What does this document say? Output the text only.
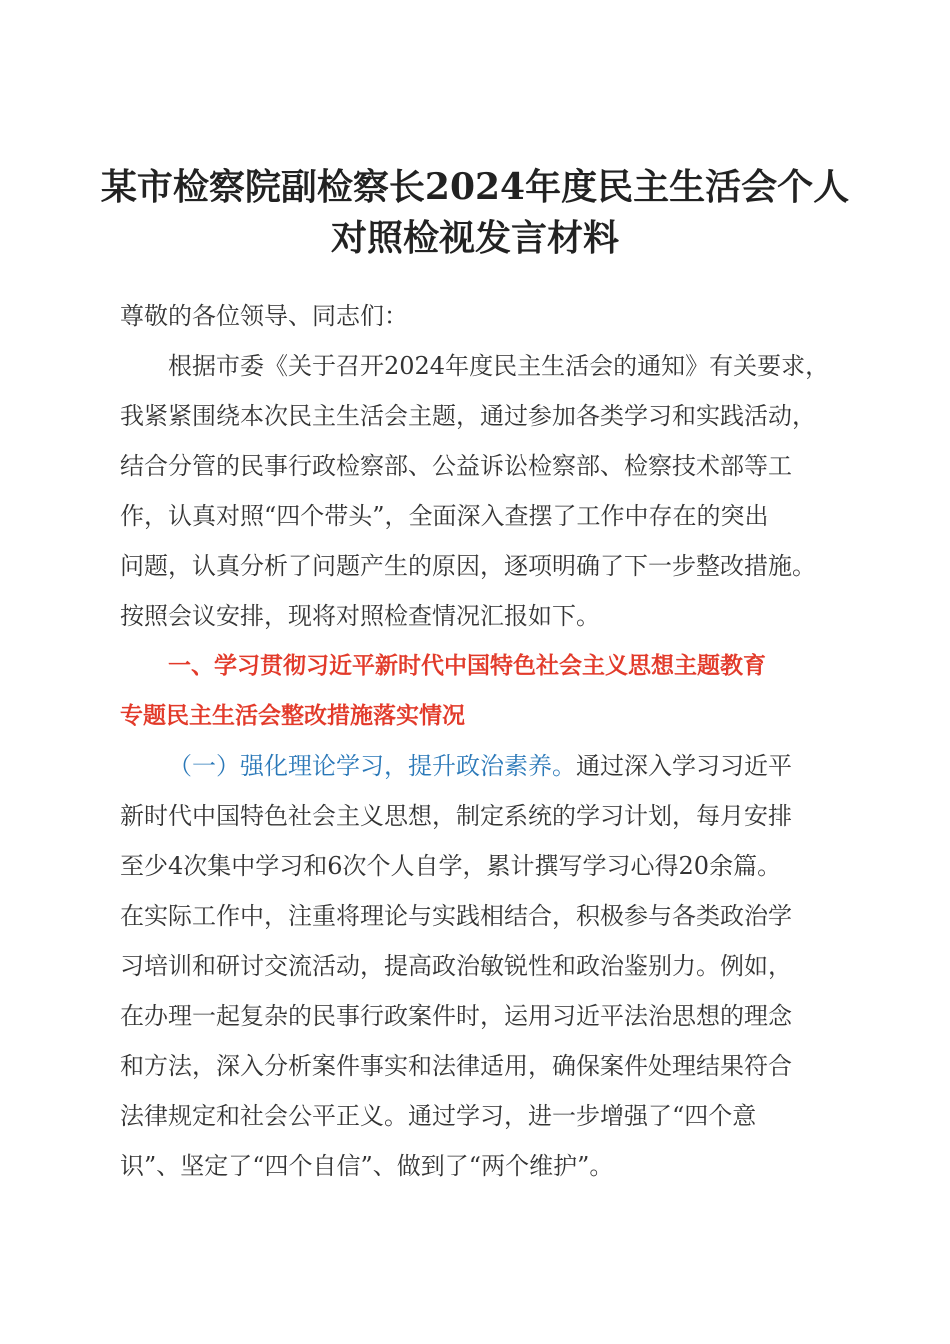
某市检察院副检察长2024年度民主生活会个人
对照检视发言材料
尊敬的各位领导、同志们：
根据市委《关于召开2024年度民主生活会的通知》有关要求，
我紧紧围绕本次民主生活会主题，通过参加各类学习和实践活动，
结合分管的民事行政检察部、公益诉讼检察部、检察技术部等工
作，认真对照“四个带头”，全面深入查摆了工作中存在的突出
问题，认真分析了问题产生的原因，逐项明确了下一步整改措施。
按照会议安排，现将对照检查情况汇报如下。
一、学习贯彻习近平新时代中国特色社会主义思想主题教育
专题民主生活会整改措施落实情况
（一）强化理论学习，提升政治素养。通过深入学习习近平
新时代中国特色社会主义思想，制定系统的学习计划，每月安排
至少4次集中学习和6次个人自学，累计撰写学习心得20余篇。
在实际工作中，注重将理论与实践相结合，积极参与各类政治学
习培训和研讨交流活动，提高政治敏锐性和政治鉴别力。例如，
在办理一起复杂的民事行政案件时，运用习近平法治思想的理念
和方法，深入分析案件事实和法律适用，确保案件处理结果符合
法律规定和社会公平正义。通过学习，进一步增强了“四个意
识”、坚定了“四个自信”、做到了“两个维护”。
